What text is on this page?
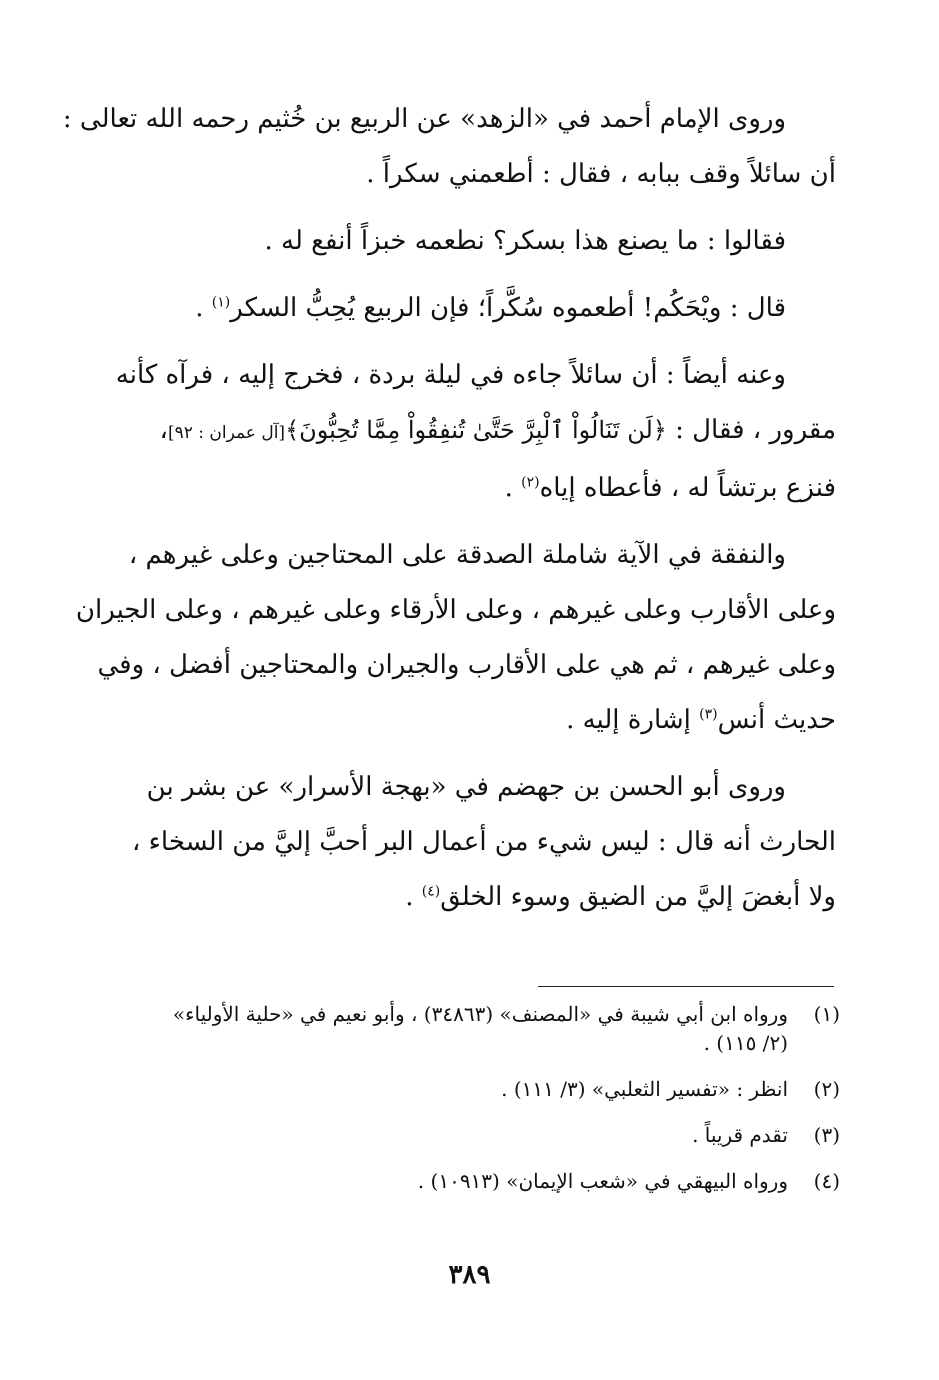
وروى الإمام أحمد في «الزهد» عن الربيع بن خُثيم رحمه الله تعالى :
أن سائلاً وقف ببابه ، فقال : أطعمني سكراً .

فقالوا : ما يصنع هذا بسكر؟ نطعمه خبزاً أنفع له .

قال : ويْحَكُم! أطعموه سُكَّراً؛ فإن الربيع يُحِبُّ السكر$^{(١)}$ .

وعنه أيضاً : أن سائلاً جاءه في ليلة بردة ، فخرج إليه ، فرآه كأنه
مقرور ، فقال : ﴿لَن تَنَالُواْ ٱلْبِرَّ حَتَّىٰ تُنفِقُواْ مِمَّا تُحِبُّونَ﴾[آل عمران : ٩٢]،
فنزع برتشاً له ، فأعطاه إياه$^{(٢)}$ .

والنفقة في الآية شاملة الصدقة على المحتاجين وعلى غيرهم ،
وعلى الأقارب وعلى غيرهم ، وعلى الأرقاء وعلى غيرهم ، وعلى الجيران
وعلى غيرهم ، ثم هي على الأقارب والجيران والمحتاجين أفضل ، وفي
حديث أنس$^{(٣)}$ إشارة إليه .

وروى أبو الحسن بن جهضم في «بهجة الأسرار» عن بشر بن
الحارث أنه قال : ليس شيء من أعمال البر أحبَّ إليَّ من السخاء ،
ولا أبغضَ إليَّ من الضيق وسوء الخلق$^{(٤)}$ .

(١)ورواه ابن أبي شيبة في «المصنف» (٣٤٨٦٣) ، وأبو نعيم في «حلية الأولياء»
(٢/ ١١٥) .
(٢)انظر : «تفسير الثعلبي» (٣/ ١١١) .
(٣)تقدم قريباً .
(٤)ورواه البيهقي في «شعب الإيمان» (١٠٩١٣) .
٣٨٩
